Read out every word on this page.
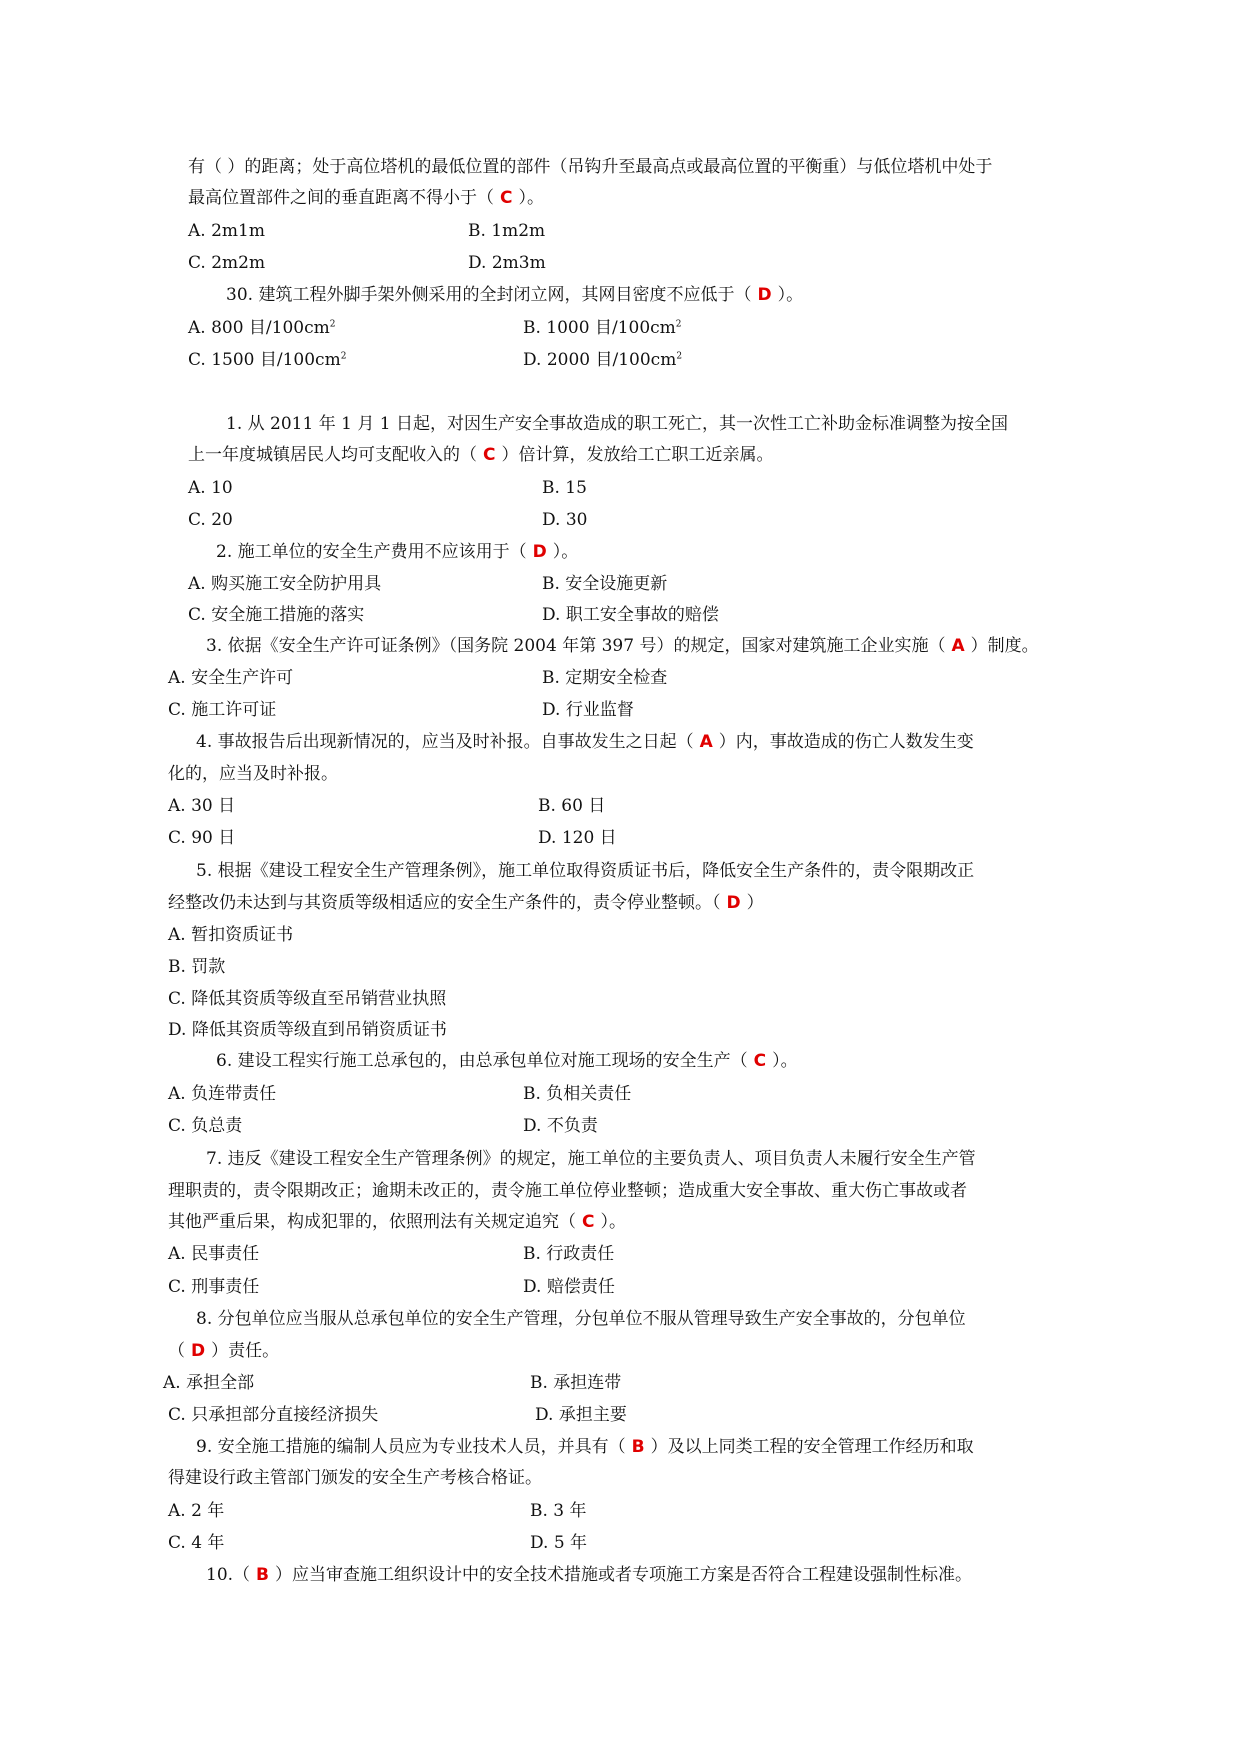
有（ ）的距离；处于高位塔机的最低位置的部件（吊钩升至最高点或最高位置的平衡重）与低位塔机中处于
最高位置部件之间的垂直距离不得小于（ C ）。
A. 2m1m	B. 1m2m
C. 2m2m	D. 2m3m
30. 建筑工程外脚手架外侧采用的全封闭立网，其网目密度不应低于（ D ）。
A. 800 目$/100cm^2$	B. 1000 目$/100cm^2$
C. 1500 目$/100cm^2$	D. 2000 目$/100cm^2$
1. 从 2011 年 1 月 1 日起，对因生产安全事故造成的职工死亡，其一次性工亡补助金标准调整为按全国
上一年度城镇居民人均可支配收入的（ C ）倍计算，发放给工亡职工近亲属。
A. 10	B. 15
C. 20	D. 30
2. 施工单位的安全生产费用不应该用于（ D ）。
A. 购买施工安全防护用具	B. 安全设施更新
C. 安全施工措施的落实	D. 职工安全事故的赔偿
3. 依据《安全生产许可证条例》（国务院 2004 年第 397 号）的规定，国家对建筑施工企业实施（ A ）制度。
A. 安全生产许可	B. 定期安全检查
C. 施工许可证	D. 行业监督
4. 事故报告后出现新情况的，应当及时补报。自事故发生之日起（ A ）内，事故造成的伤亡人数发生变
化的，应当及时补报。
A. 30 日	B. 60 日
C. 90 日	D. 120 日
5. 根据《建设工程安全生产管理条例》，施工单位取得资质证书后，降低安全生产条件的，责令限期改正
经整改仍未达到与其资质等级相适应的安全生产条件的，责令停业整顿。（ D ）
A. 暂扣资质证书
B. 罚款
C. 降低其资质等级直至吊销营业执照
D. 降低其资质等级直到吊销资质证书
6. 建设工程实行施工总承包的，由总承包单位对施工现场的安全生产（ C ）。
A. 负连带责任	B. 负相关责任
C. 负总责	D. 不负责
7. 违反《建设工程安全生产管理条例》的规定，施工单位的主要负责人、项目负责人未履行安全生产管
理职责的，责令限期改正；逾期未改正的，责令施工单位停业整顿；造成重大安全事故、重大伤亡事故或者
其他严重后果，构成犯罪的，依照刑法有关规定追究（ C ）。
A. 民事责任	B. 行政责任
C. 刑事责任	D. 赔偿责任
8. 分包单位应当服从总承包单位的安全生产管理，分包单位不服从管理导致生产安全事故的，分包单位
（ D ）责任。
A. 承担全部	B. 承担连带
C. 只承担部分直接经济损失	D. 承担主要
9. 安全施工措施的编制人员应为专业技术人员，并具有（ B ）及以上同类工程的安全管理工作经历和取
得建设行政主管部门颁发的安全生产考核合格证。
A. 2 年	B. 3 年
C. 4 年	D. 5 年
10.（ B ）应当审查施工组织设计中的安全技术措施或者专项施工方案是否符合工程建设强制性标准。
